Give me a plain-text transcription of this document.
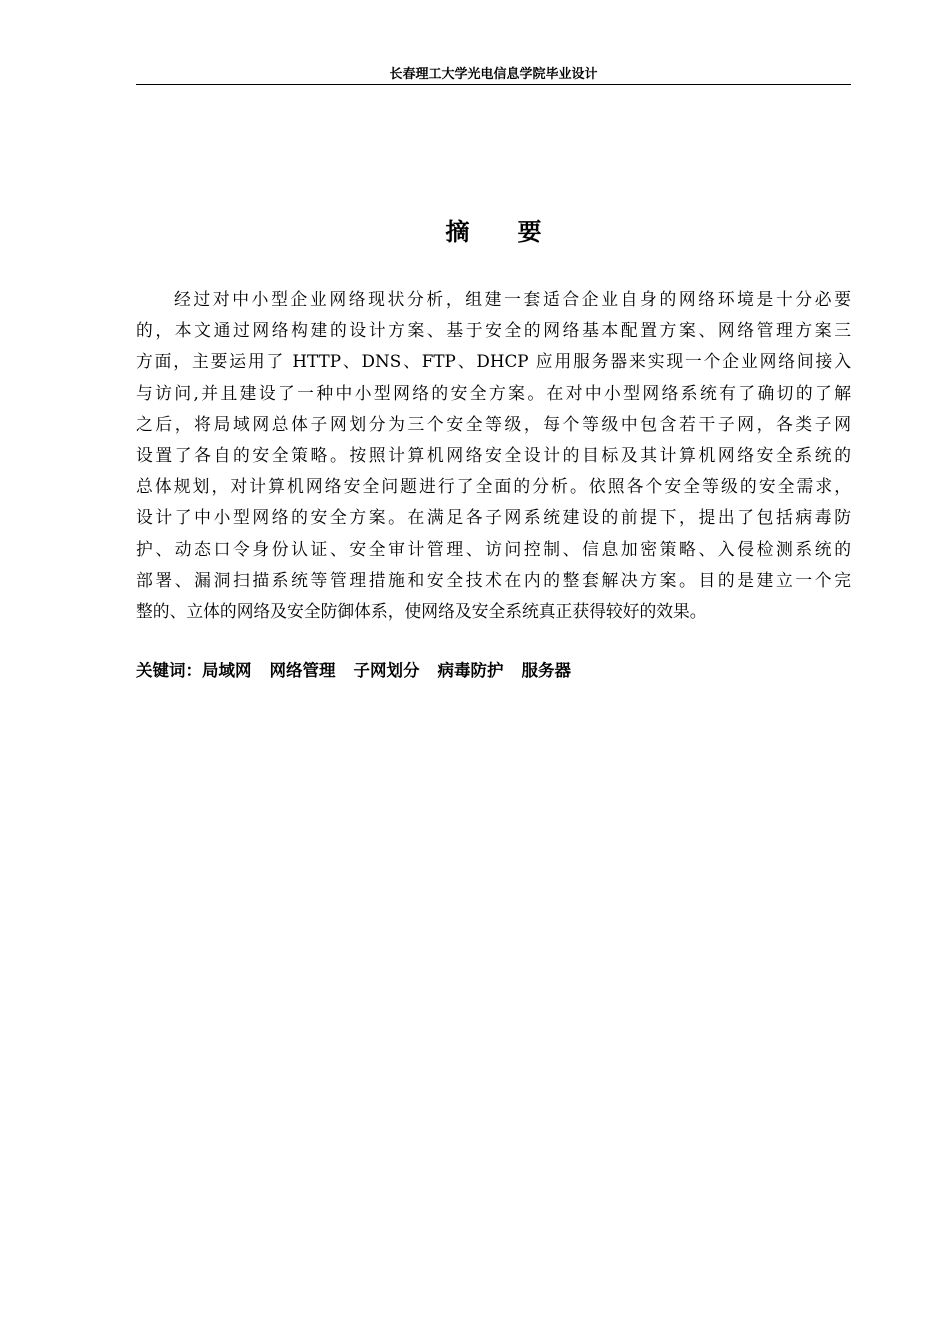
长春理工大学光电信息学院毕业设计
摘 要
经过对中小型企业网络现状分析，组建一套适合企业自身的网络环境是十分必要
的，本文通过网络构建的设计方案、基于安全的网络基本配置方案、网络管理方案三
方面，主要运用了 HTTP、DNS、FTP、DHCP 应用服务器来实现一个企业网络间接入
与访问,并且建设了一种中小型网络的安全方案。在对中小型网络系统有了确切的了解
之后，将局域网总体子网划分为三个安全等级，每个等级中包含若干子网，各类子网
设置了各自的安全策略。按照计算机网络安全设计的目标及其计算机网络安全系统的
总体规划，对计算机网络安全问题进行了全面的分析。依照各个安全等级的安全需求，
设计了中小型网络的安全方案。在满足各子网系统建设的前提下，提出了包括病毒防
护、动态口令身份认证、安全审计管理、访问控制、信息加密策略、入侵检测系统的
部署、漏洞扫描系统等管理措施和安全技术在内的整套解决方案。目的是建立一个完
整的、立体的网络及安全防御体系，使网络及安全系统真正获得较好的效果。
关键词：局域网 网络管理 子网划分 病毒防护 服务器
